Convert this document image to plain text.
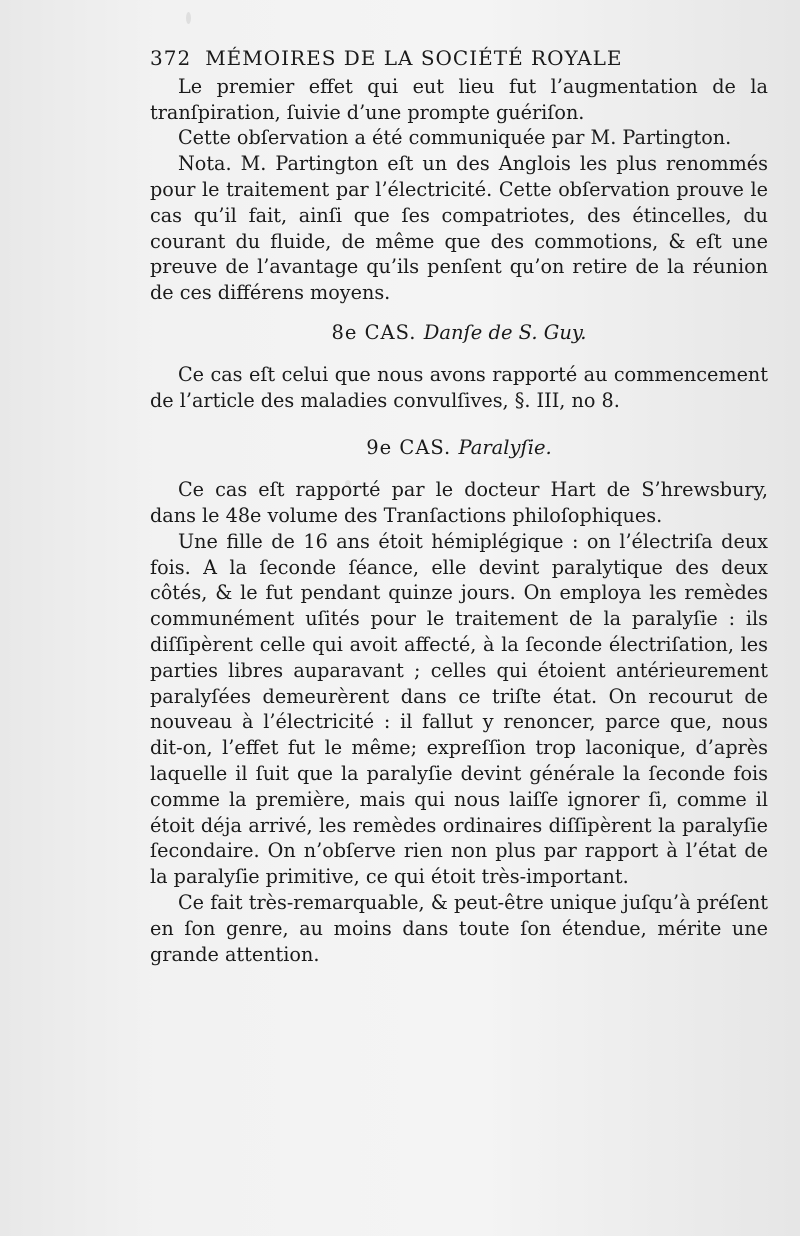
372 MÉMOIRES DE LA SOCIÉTÉ ROYALE

Le premier effet qui eut lieu fut l’augmentation de la tranſpiration, ſuivie d’une prompte guériſon.

Cette obſervation a été communiquée par M. Partington.

Nota. M. Partington eſt un des Anglois les plus renommés pour le traitement par l’électricité. Cette obſervation prouve le cas qu’il fait, ainſi que ſes compatriotes, des étincelles, du courant du fluide, de même que des commotions, & eſt une preuve de l’avantage qu’ils penſent qu’on retire de la réunion de ces différens moyens.

8e CAS. Danſe de S. Guy.

Ce cas eſt celui que nous avons rapporté au commencement de l’article des maladies convulſives, §. III, no 8.

9e CAS. Paralyſie.

Ce cas eſt rapporté par le docteur Hart de S’hrewsbury, dans le 48e volume des Tranſactions philoſophiques.

Une fille de 16 ans étoit hémiplégique : on l’électriſa deux fois. A la ſeconde ſéance, elle devint paralytique des deux côtés, & le fut pendant quinze jours. On employa les remèdes communément uſités pour le traitement de la paralyſie : ils diſſipèrent celle qui avoit affecté, à la ſeconde électriſation, les parties libres auparavant ; celles qui étoient antérieurement paralyſées demeurèrent dans ce triſte état. On recourut de nouveau à l’électricité : il fallut y renoncer, parce que, nous dit-on, l’effet fut le même; expreſſion trop laconique, d’après laquelle il ſuit que la paralyſie devint générale la ſeconde fois comme la première, mais qui nous laiſſe ignorer ſi, comme il étoit déja arrivé, les remèdes ordinaires diſſipèrent la paralyſie ſecondaire. On n’obſerve rien non plus par rapport à l’état de la paralyſie primitive, ce qui étoit très-important.

Ce fait très-remarquable, & peut-être unique juſqu’à préſent en ſon genre, au moins dans toute ſon étendue, mérite une grande attention.
